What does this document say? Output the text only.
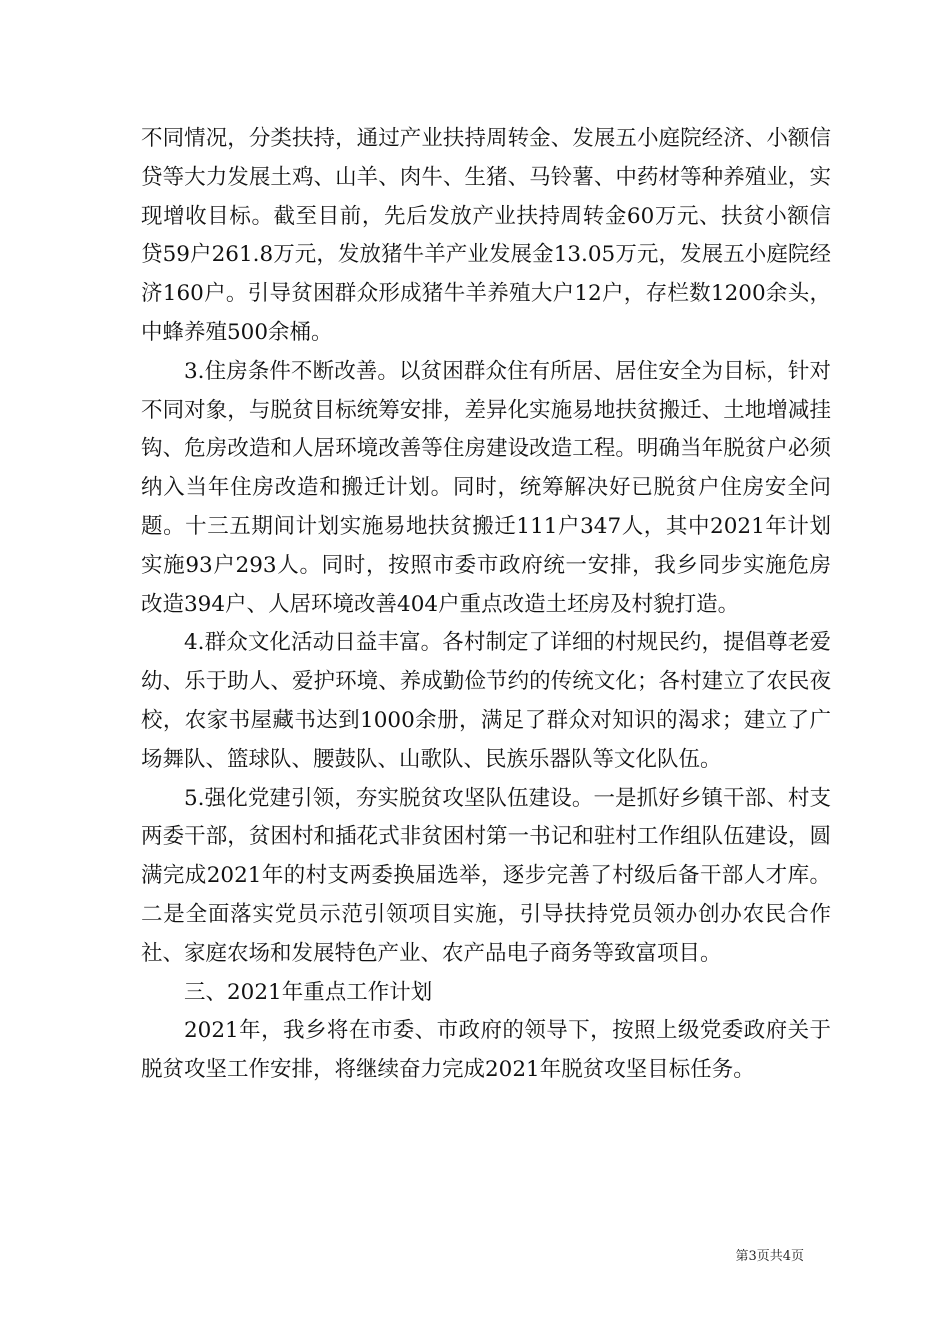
不同情况，分类扶持，通过产业扶持周转金、发展五小庭院经济、小额信贷等大力发展土鸡、山羊、肉牛、生猪、马铃薯、中药材等种养殖业，实现增收目标。截至目前，先后发放产业扶持周转金60万元、扶贫小额信贷59户261.8万元，发放猪牛羊产业发展金13.05万元，发展五小庭院经济160户。引导贫困群众形成猪牛羊养殖大户12户，存栏数1200余头，中蜂养殖500余桶。

3.住房条件不断改善。以贫困群众住有所居、居住安全为目标，针对不同对象，与脱贫目标统筹安排，差异化实施易地扶贫搬迁、土地增减挂钩、危房改造和人居环境改善等住房建设改造工程。明确当年脱贫户必须纳入当年住房改造和搬迁计划。同时，统筹解决好已脱贫户住房安全问题。十三五期间计划实施易地扶贫搬迁111户347人，其中2021年计划实施93户293人。同时，按照市委市政府统一安排，我乡同步实施危房改造394户、人居环境改善404户重点改造土坯房及村貌打造。

4.群众文化活动日益丰富。各村制定了详细的村规民约，提倡尊老爱幼、乐于助人、爱护环境、养成勤俭节约的传统文化；各村建立了农民夜校，农家书屋藏书达到1000余册，满足了群众对知识的渴求；建立了广场舞队、篮球队、腰鼓队、山歌队、民族乐器队等文化队伍。

5.强化党建引领，夯实脱贫攻坚队伍建设。一是抓好乡镇干部、村支两委干部，贫困村和插花式非贫困村第一书记和驻村工作组队伍建设，圆满完成2021年的村支两委换届选举，逐步完善了村级后备干部人才库。二是全面落实党员示范引领项目实施，引导扶持党员领办创办农民合作社、家庭农场和发展特色产业、农产品电子商务等致富项目。

三、2021年重点工作计划

2021年，我乡将在市委、市政府的领导下，按照上级党委政府关于脱贫攻坚工作安排，将继续奋力完成2021年脱贫攻坚目标任务。

第3页共4页
